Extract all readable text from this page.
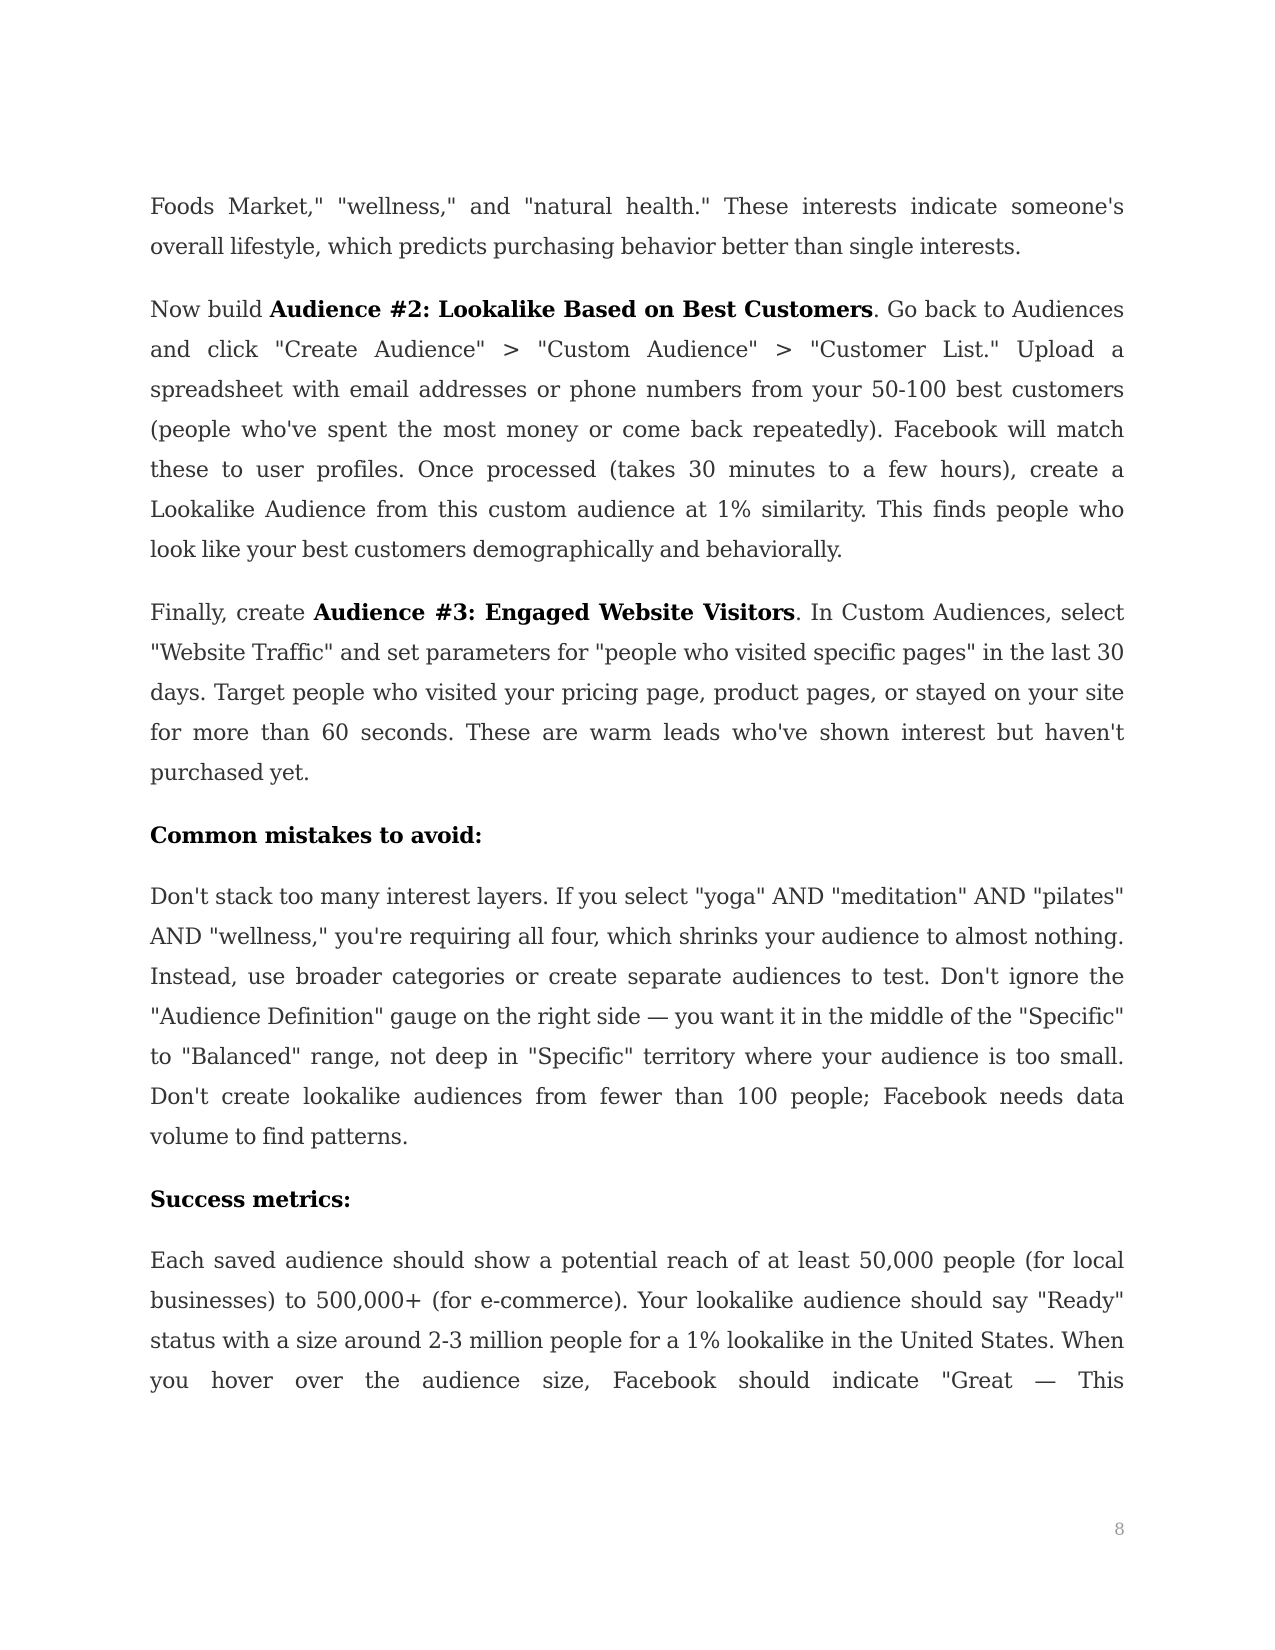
Foods Market," "wellness," and "natural health." These interests indicate someone's overall lifestyle, which predicts purchasing behavior better than single interests.

Now build Audience #2: Lookalike Based on Best Customers. Go back to Audiences and click "Create Audience" > "Custom Audience" > "Customer List." Upload a spreadsheet with email addresses or phone numbers from your 50-100 best customers (people who've spent the most money or come back repeatedly). Facebook will match these to user profiles. Once processed (takes 30 minutes to a few hours), create a Lookalike Audience from this custom audience at 1% similarity. This finds people who look like your best customers demographically and behaviorally.

Finally, create Audience #3: Engaged Website Visitors. In Custom Audiences, select "Website Traffic" and set parameters for "people who visited specific pages" in the last 30 days. Target people who visited your pricing page, product pages, or stayed on your site for more than 60 seconds. These are warm leads who've shown interest but haven't purchased yet.

Common mistakes to avoid:

Don't stack too many interest layers. If you select "yoga" AND "meditation" AND "pilates" AND "wellness," you're requiring all four, which shrinks your audience to almost nothing. Instead, use broader categories or create separate audiences to test. Don't ignore the "Audience Definition" gauge on the right side — you want it in the middle of the "Specific" to "Balanced" range, not deep in "Specific" territory where your audience is too small. Don't create lookalike audiences from fewer than 100 people; Facebook needs data volume to find patterns.

Success metrics:

Each saved audience should show a potential reach of at least 50,000 people (for local businesses) to 500,000+ (for e-commerce). Your lookalike audience should say "Ready" status with a size around 2-3 million people for a 1% lookalike in the United States. When you hover over the audience size, Facebook should indicate "Great — This

8
